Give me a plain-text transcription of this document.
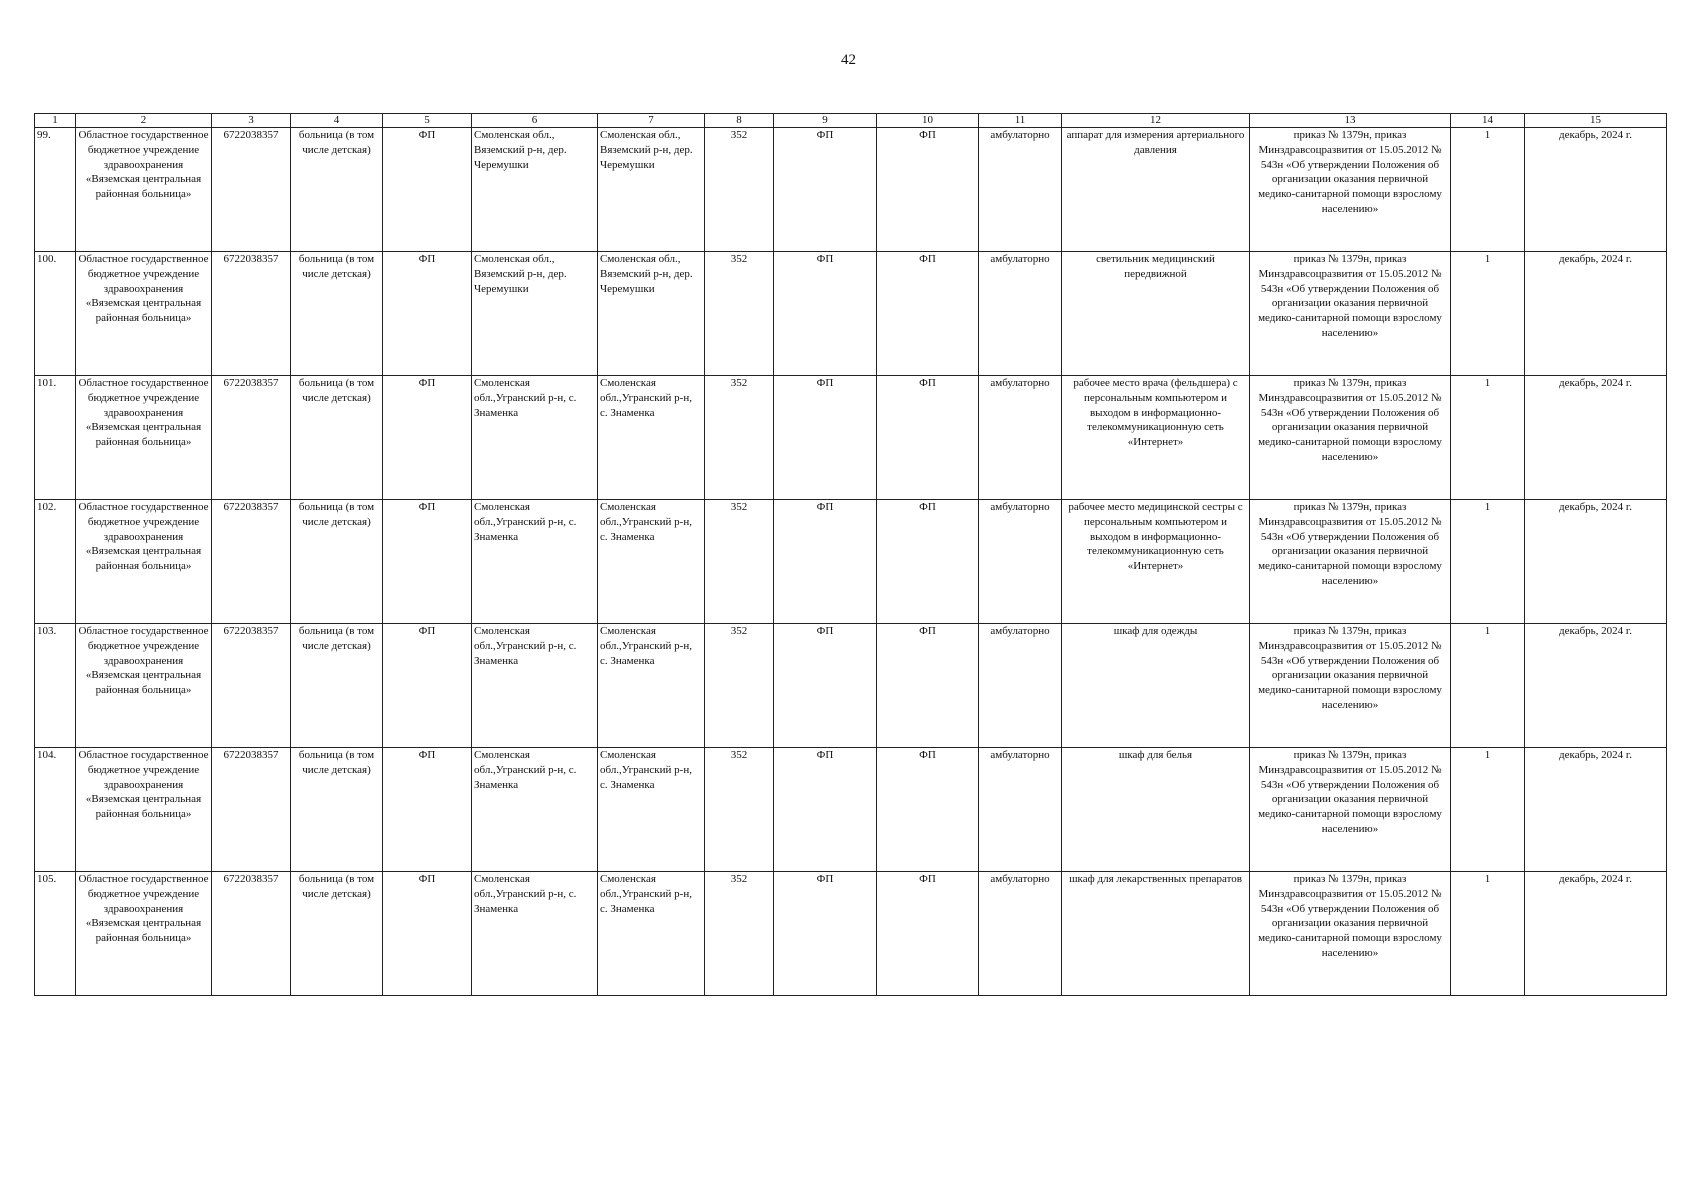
42
1	2	3	4	5	6	7	8	9	10	11	12	13	14	15
99.	Областное государственное бюджетное учреждение здравоохранения «Вяземская центральная районная больница»	6722038357	больница (в том числе детская)	ФП	Смоленская обл., Вяземский р-н, дер. Черемушки	Смоленская обл., Вяземский р-н, дер. Черемушки	352	ФП	ФП	амбулаторно	аппарат для измерения артериального давления	приказ № 1379н, приказ Минздравсоцразвития от 15.05.2012 № 543н «Об утверждении Положения об организации оказания первичной медико-санитарной помощи взрослому населению»	1	декабрь, 2024 г.
100.	Областное государственное бюджетное учреждение здравоохранения «Вяземская центральная районная больница»	6722038357	больница (в том числе детская)	ФП	Смоленская обл., Вяземский р-н, дер. Черемушки	Смоленская обл., Вяземский р-н, дер. Черемушки	352	ФП	ФП	амбулаторно	светильник медицинский передвижной	приказ № 1379н, приказ Минздравсоцразвития от 15.05.2012 № 543н «Об утверждении Положения об организации оказания первичной медико-санитарной помощи взрослому населению»	1	декабрь, 2024 г.
101.	Областное государственное бюджетное учреждение здравоохранения «Вяземская центральная районная больница»	6722038357	больница (в том числе детская)	ФП	Смоленская обл.,Угранский р-н, с. Знаменка	Смоленская обл.,Угранский р-н, с. Знаменка	352	ФП	ФП	амбулаторно	рабочее место врача (фельдшера) с персональным компьютером и выходом в информационно-телекоммуникационную сеть «Интернет»	приказ № 1379н, приказ Минздравсоцразвития от 15.05.2012 № 543н «Об утверждении Положения об организации оказания первичной медико-санитарной помощи взрослому населению»	1	декабрь, 2024 г.
102.	Областное государственное бюджетное учреждение здравоохранения «Вяземская центральная районная больница»	6722038357	больница (в том числе детская)	ФП	Смоленская обл.,Угранский р-н, с. Знаменка	Смоленская обл.,Угранский р-н, с. Знаменка	352	ФП	ФП	амбулаторно	рабочее место медицинской сестры с персональным компьютером и выходом в информационно-телекоммуникационную сеть «Интернет»	приказ № 1379н, приказ Минздравсоцразвития от 15.05.2012 № 543н «Об утверждении Положения об организации оказания первичной медико-санитарной помощи взрослому населению»	1	декабрь, 2024 г.
103.	Областное государственное бюджетное учреждение здравоохранения «Вяземская центральная районная больница»	6722038357	больница (в том числе детская)	ФП	Смоленская обл.,Угранский р-н, с. Знаменка	Смоленская обл.,Угранский р-н, с. Знаменка	352	ФП	ФП	амбулаторно	шкаф для одежды	приказ № 1379н, приказ Минздравсоцразвития от 15.05.2012 № 543н «Об утверждении Положения об организации оказания первичной медико-санитарной помощи взрослому населению»	1	декабрь, 2024 г.
104.	Областное государственное бюджетное учреждение здравоохранения «Вяземская центральная районная больница»	6722038357	больница (в том числе детская)	ФП	Смоленская обл.,Угранский р-н, с. Знаменка	Смоленская обл.,Угранский р-н, с. Знаменка	352	ФП	ФП	амбулаторно	шкаф для белья	приказ № 1379н, приказ Минздравсоцразвития от 15.05.2012 № 543н «Об утверждении Положения об организации оказания первичной медико-санитарной помощи взрослому населению»	1	декабрь, 2024 г.
105.	Областное государственное бюджетное учреждение здравоохранения «Вяземская центральная районная больница»	6722038357	больница (в том числе детская)	ФП	Смоленская обл.,Угранский р-н, с. Знаменка	Смоленская обл.,Угранский р-н, с. Знаменка	352	ФП	ФП	амбулаторно	шкаф для лекарственных препаратов	приказ № 1379н, приказ Минздравсоцразвития от 15.05.2012 № 543н «Об утверждении Положения об организации оказания первичной медико-санитарной помощи взрослому населению»	1	декабрь, 2024 г.
